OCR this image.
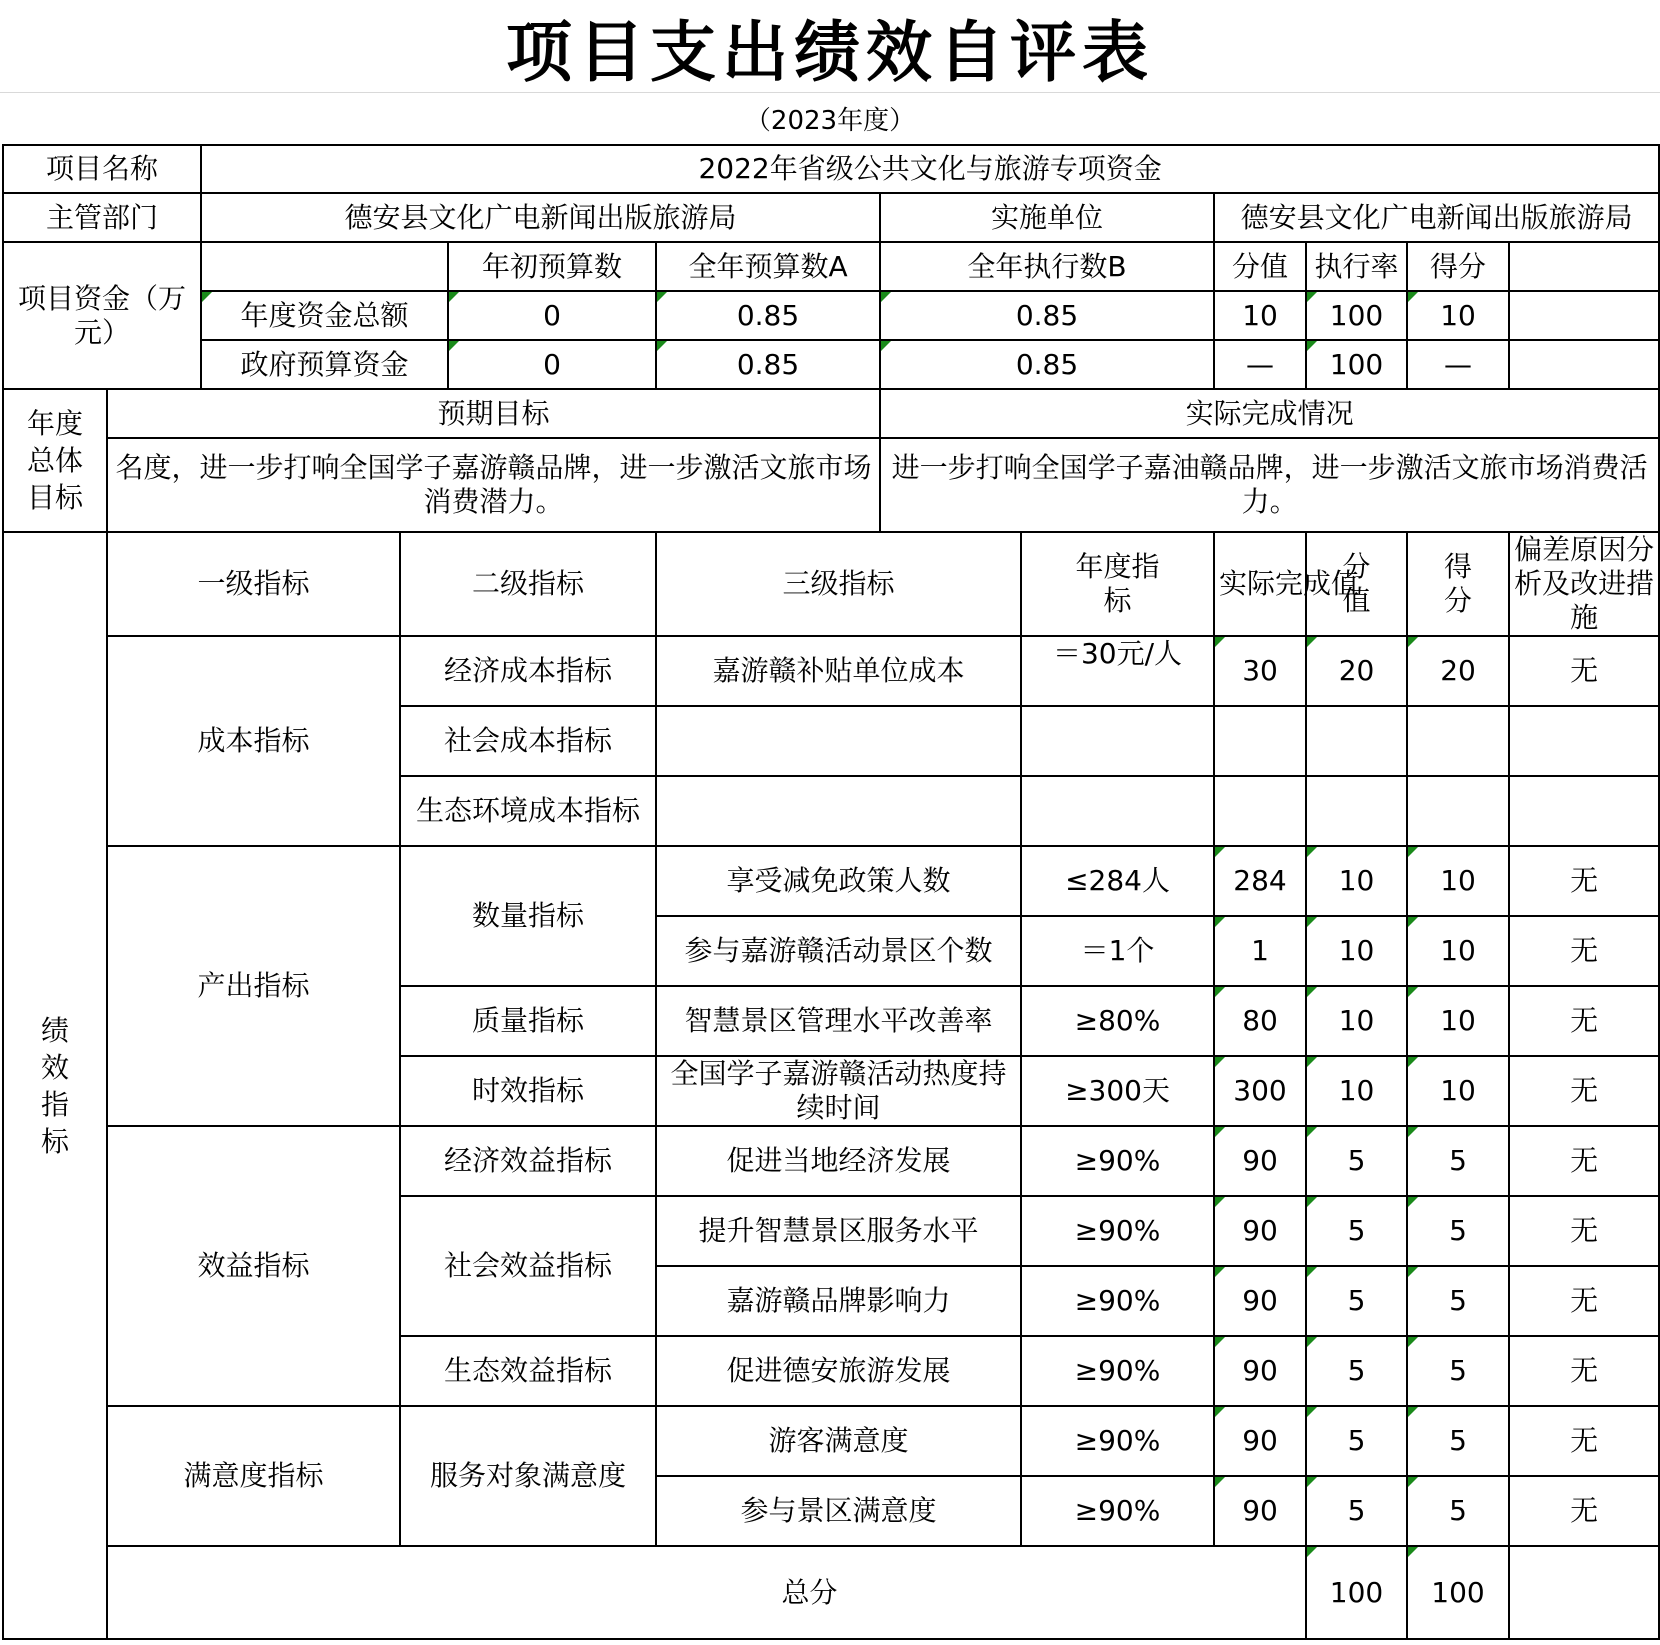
项目支出绩效自评表
（2023年度）
项目名称		2022年省级公共文化与旅游专项资金									
主管部门		德安县文化广电新闻出版旅游局				实施单位		德安县文化广电新闻出版旅游局			

项目资金（万元）				年初预算数	全年预算数A	全年执行数B		分值	执行率	得分	
		年度资金总额		0	0.85	0.85		10	100	10	
		政府预算资金		0	0.85	0.85		—	100	—	
年度总体目标	预期目标					实际完成情况					

	名度，进一步打响全国学子嘉游赣品牌，进一步激活文旅市场消费潜力。					进一步打响全国学子嘉油赣品牌，进一步激活文旅市场消费活力。					

绩效指标	一级指标		二级指标		三级指标		年度指标	实际完成值	分值	得分	偏差原因分析及改进措施

	成本指标		经济成本指标		嘉游赣补贴单位成本		＝30元/人	30	20	20	无
			社会成本指标								
			生态环境成本指标								
	产出指标		数量指标		享受减免政策人数		≤284人	284	10	10	无

					参与嘉游赣活动景区个数		＝1个	1	10	10	无
			质量指标		智慧景区管理水平改善率		≥80%	80	10	10	无
			时效指标		全国学子嘉游赣活动热度持续时间		≥300天	300	10	10	无
	效益指标		经济效益指标		促进当地经济发展		≥90%	90	5	5	无
			社会效益指标		提升智慧景区服务水平		≥90%	90	5	5	无
					嘉游赣品牌影响力		≥90%	90	5	5	无
			生态效益指标		促进德安旅游发展		≥90%	90	5	5	无
	满意度指标		服务对象满意度		游客满意度		≥90%	90	5	5	无
					参与景区满意度		≥90%	90	5	5	无
	总分								100	100	
